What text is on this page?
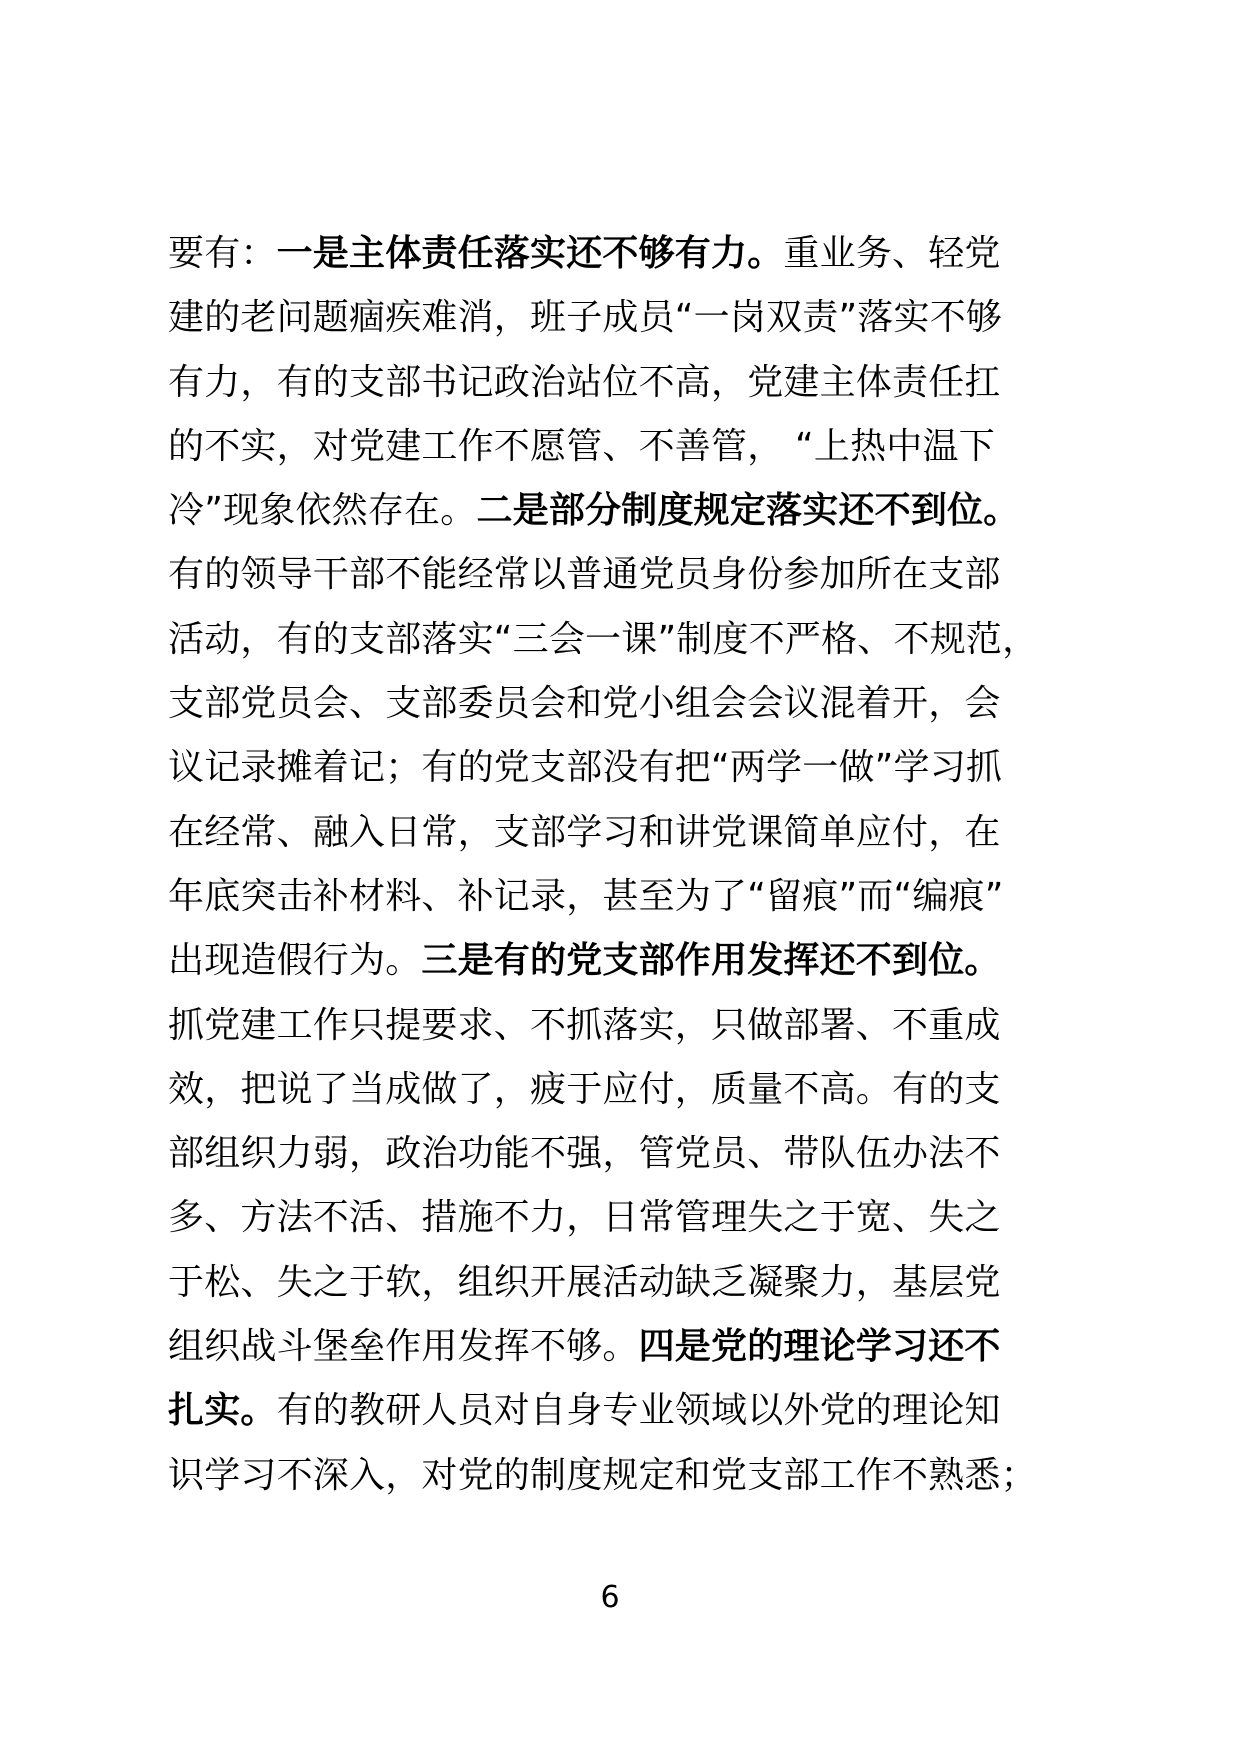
要有：一是主体责任落实还不够有力。重业务、轻党
建的老问题痼疾难消，班子成员“一岗双责”落实不够
有力，有的支部书记政治站位不高，党建主体责任扛
的不实，对党建工作不愿管、不善管， “上热中温下
冷”现象依然存在。二是部分制度规定落实还不到位。
有的领导干部不能经常以普通党员身份参加所在支部
活动，有的支部落实“三会一课”制度不严格、不规范，
支部党员会、支部委员会和党小组会会议混着开，会
议记录摊着记；有的党支部没有把“两学一做”学习抓
在经常、融入日常，支部学习和讲党课简单应付，在
年底突击补材料、补记录，甚至为了“留痕”而“编痕”
出现造假行为。三是有的党支部作用发挥还不到位。
抓党建工作只提要求、不抓落实，只做部署、不重成
效，把说了当成做了，疲于应付，质量不高。有的支
部组织力弱，政治功能不强，管党员、带队伍办法不
多、方法不活、措施不力，日常管理失之于宽、失之
于松、失之于软，组织开展活动缺乏凝聚力，基层党
组织战斗堡垒作用发挥不够。四是党的理论学习还不
扎实。有的教研人员对自身专业领域以外党的理论知
识学习不深入，对党的制度规定和党支部工作不熟悉；
6
